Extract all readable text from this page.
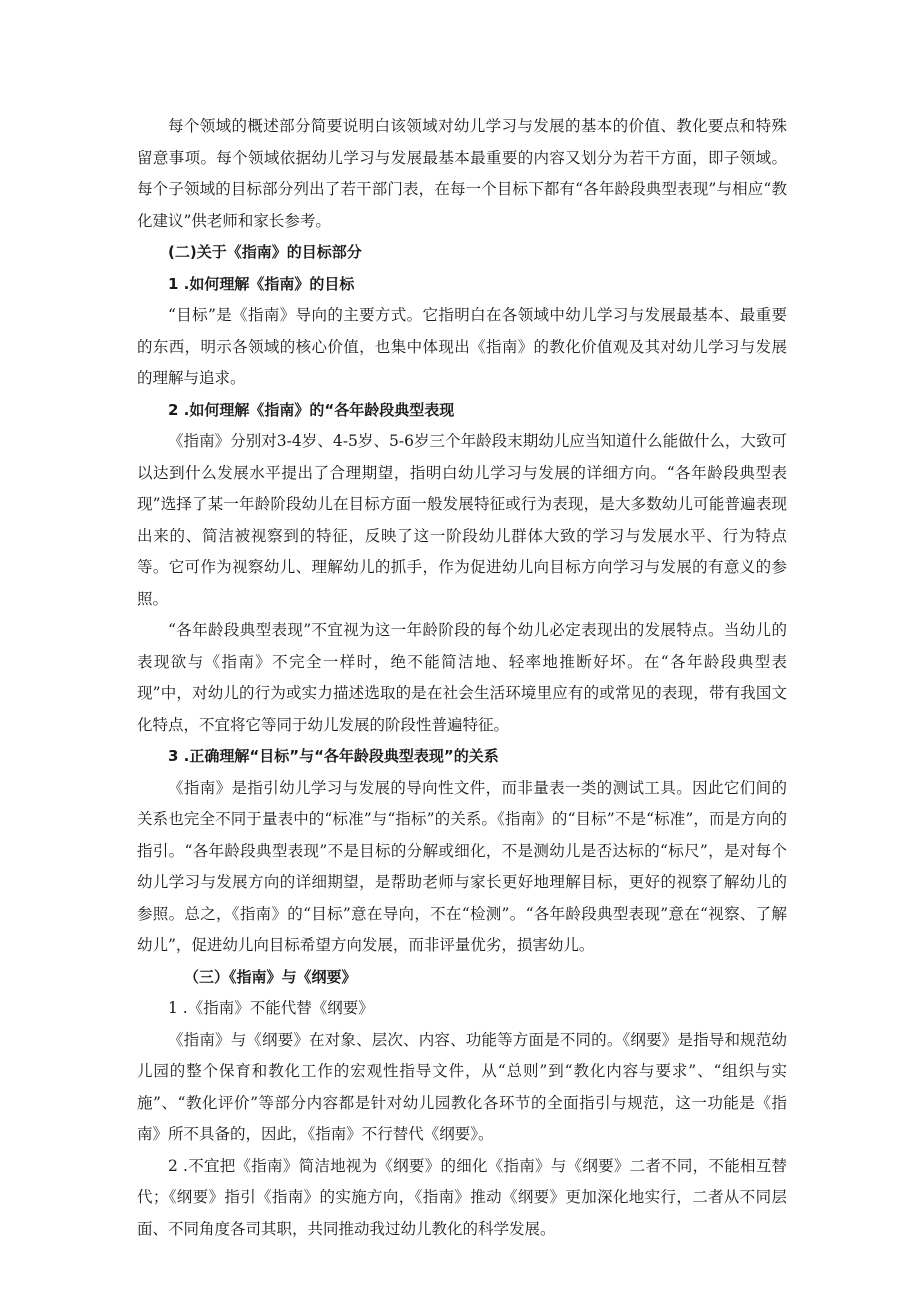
每个领域的概述部分简要说明白该领域对幼儿学习与发展的基本的价值、教化要点和特殊留意事项。每个领域依据幼儿学习与发展最基本最重要的内容又划分为若干方面，即子领域。每个子领域的目标部分列出了若干部门表，在每一个目标下都有“各年龄段典型表现”与相应“教化建议”供老师和家长参考。

(二)关于《指南》的目标部分

1 .如何理解《指南》的目标

“目标”是《指南》导向的主要方式。它指明白在各领域中幼儿学习与发展最基本、最重要的东西，明示各领域的核心价值，也集中体现出《指南》的教化价值观及其对幼儿学习与发展的理解与追求。

2 .如何理解《指南》的“各年龄段典型表现

《指南》分别对3-4岁、4-5岁、5-6岁三个年龄段末期幼儿应当知道什么能做什么，大致可以达到什么发展水平提出了合理期望，指明白幼儿学习与发展的详细方向。“各年龄段典型表现”选择了某一年龄阶段幼儿在目标方面一般发展特征或行为表现，是大多数幼儿可能普遍表现出来的、简洁被视察到的特征，反映了这一阶段幼儿群体大致的学习与发展水平、行为特点等。它可作为视察幼儿、理解幼儿的抓手，作为促进幼儿向目标方向学习与发展的有意义的参照。

“各年龄段典型表现”不宜视为这一年龄阶段的每个幼儿必定表现出的发展特点。当幼儿的表现欲与《指南》不完全一样时，绝不能简洁地、轻率地推断好坏。在“各年龄段典型表现”中，对幼儿的行为或实力描述选取的是在社会生活环境里应有的或常见的表现，带有我国文化特点，不宜将它等同于幼儿发展的阶段性普遍特征。

3 .正确理解“目标”与“各年龄段典型表现”的关系

《指南》是指引幼儿学习与发展的导向性文件，而非量表一类的测试工具。因此它们间的关系也完全不同于量表中的“标准”与“指标”的关系。《指南》的“目标”不是“标准”，而是方向的指引。“各年龄段典型表现”不是目标的分解或细化，不是测幼儿是否达标的“标尺”，是对每个幼儿学习与发展方向的详细期望，是帮助老师与家长更好地理解目标，更好的视察了解幼儿的参照。总之，《指南》的“目标”意在导向，不在“检测”。“各年龄段典型表现”意在“视察、了解幼儿”，促进幼儿向目标希望方向发展，而非评量优劣，损害幼儿。

（三）《指南》与《纲要》

1 .《指南》不能代替《纲要》

《指南》与《纲要》在对象、层次、内容、功能等方面是不同的。《纲要》是指导和规范幼儿园的整个保育和教化工作的宏观性指导文件，从“总则”到“教化内容与要求”、“组织与实施”、“教化评价”等部分内容都是针对幼儿园教化各环节的全面指引与规范，这一功能是《指南》所不具备的，因此，《指南》不行替代《纲要》。

2 .不宜把《指南》简洁地视为《纲要》的细化《指南》与《纲要》二者不同，不能相互替代；《纲要》指引《指南》的实施方向，《指南》推动《纲要》更加深化地实行，二者从不同层面、不同角度各司其职，共同推动我过幼儿教化的科学发展。
